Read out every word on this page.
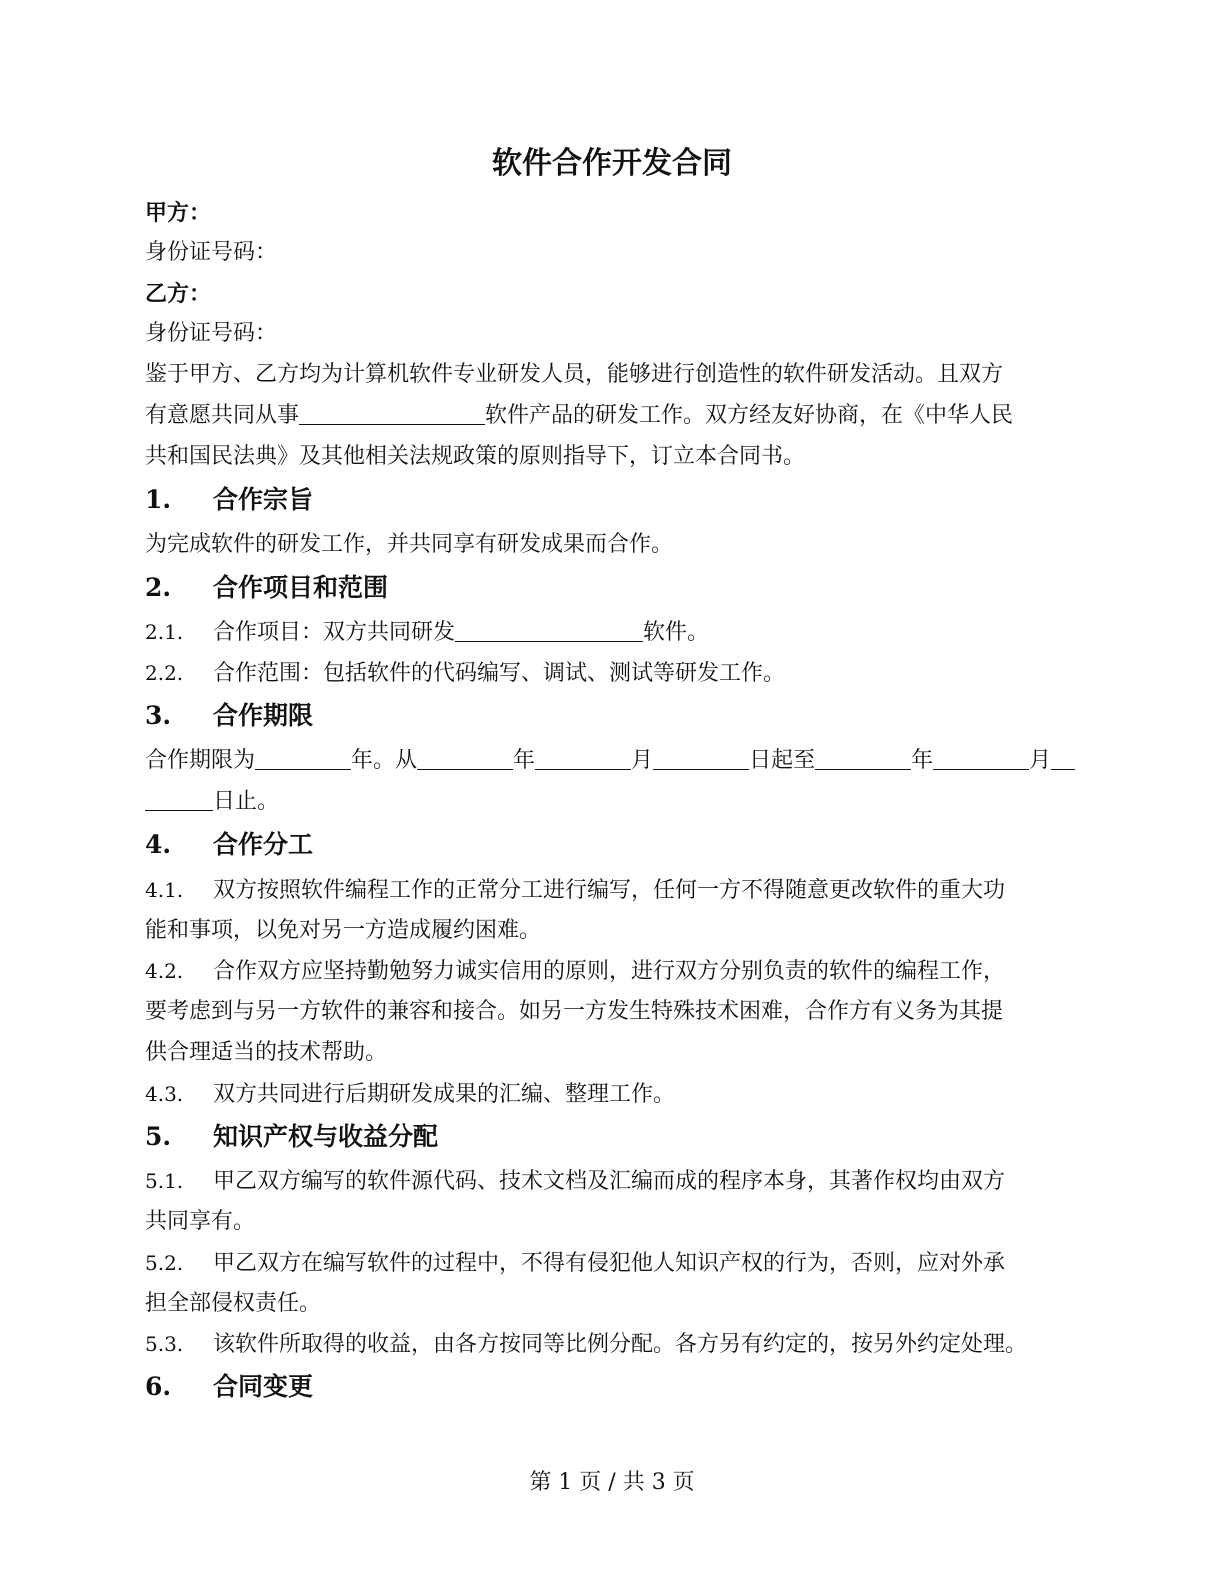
软件合作开发合同
甲方：
身份证号码：
乙方：
身份证号码：
鉴于甲方、乙方均为计算机软件专业研发人员，能够进行创造性的软件研发活动。且双方
有意愿共同从事	软件产品的研发工作。双方经友好协商，在《中华人民
共和国民法典》及其他相关法规政策的原则指导下，订立本合同书。
1. 合作宗旨
为完成软件的研发工作，并共同享有研发成果而合作。
2. 合作项目和范围
2.1. 合作项目：双方共同研发	软件。
2.2. 合作范围：包括软件的代码编写、调试、测试等研发工作。
3. 合作期限
合作期限为	年。从	年	月	日起至	年	月
日止。
4. 合作分工
4.1. 双方按照软件编程工作的正常分工进行编写，任何一方不得随意更改软件的重大功
能和事项，以免对另一方造成履约困难。
4.2. 合作双方应坚持勤勉努力诚实信用的原则，进行双方分别负责的软件的编程工作，
要考虑到与另一方软件的兼容和接合。如另一方发生特殊技术困难，合作方有义务为其提
供合理适当的技术帮助。
4.3. 双方共同进行后期研发成果的汇编、整理工作。
5. 知识产权与收益分配
5.1. 甲乙双方编写的软件源代码、技术文档及汇编而成的程序本身，其著作权均由双方
共同享有。
5.2. 甲乙双方在编写软件的过程中，不得有侵犯他人知识产权的行为，否则，应对外承
担全部侵权责任。
5.3. 该软件所取得的收益，由各方按同等比例分配。各方另有约定的，按另外约定处理。
6. 合同变更
第 1 页 / 共 3 页
